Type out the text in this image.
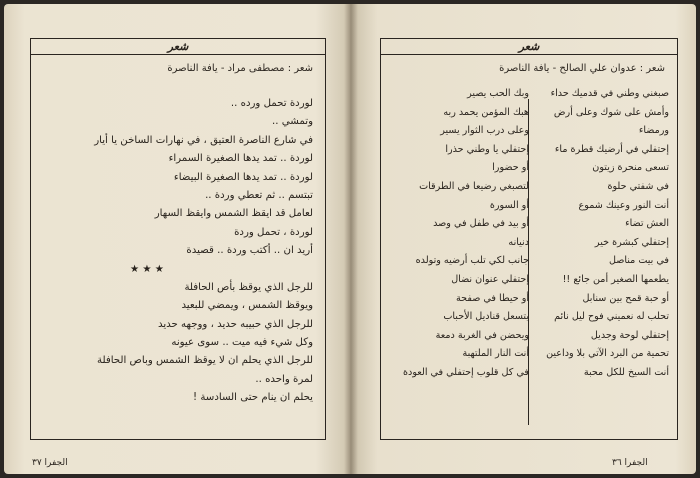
شعر
شعر : مصطفى مراد - يافة الناصرة
لوردة تحمل ورده ..
وتمشي ..
في شارع الناصرة العتيق ، في نهارات الساخن يا أيار
لوردة .. تمد يدها الصغيرة السمراء
لوردة .. تمد يدها الصغيرة البيضاء
تبتسم .. ثم تعطي وردة ..
لعامل قد ايقظ الشمس وايقظ السهار
لوردة ، تحمل وردة
أريد ان .. أكتب وردة .. قصيدة
★ ★ ★
للرجل الذي يوقظ بأص الحافلة
ويوقظ الشمس ، ويمضي للبعيد
للرجل الذي حبيبه حديد ، ووجهه حديد
وكل شيء فيه ميت .. سوى عيونه
للرجل الذي يحلم ان لا يوقظ الشمس وباص الحافلة
لمرة واحده ..
يحلم ان ينام حتى السادسة !
الجفرا ٣٧
شعر
شعر : عدوان علي الصالح - يافة الناصرة
صبغني وطني في قدميك حداء
وأمش على شوك وعلى أرض
ورمضاء
إحتفلي في أرضيك قطرة ماء
تسعى منحرة زيتون
في شفتي حلوة
أنت النور وعينك شموع
العش تضاء
إحتفلي كبشرة خير
في بيت مناصل
يطعمها الصغير أمن جائع !!
أو حبة قمح بين سنابل
تحلب له نعميني فوح ليل نائم
إحتفلي لوحة وجديل
تحمية من البرد الآتي بلا وداعين
أنت السيخ للكل محبة
وبك الحب يصير
هبك المؤمن يحمد ربه
وعلى درب الثوار يسير
إحتفلي يا وطني حذرا
أو حضورا
لتصبغي رضيعا في الطرقات
أو السورة
أو بيد في طفل في وصد
دنيانه
جانب لكي تلب أرضيه وتولده
إحتفلي عنوان نضال
أو حيطا في صفحة
يتسعل قناديل الأحباب
ويحضن في الغربة دمعة
أنت النار الملتهبة
في كل قلوب إحتفلي في العودة
الجفرا ٣٦
